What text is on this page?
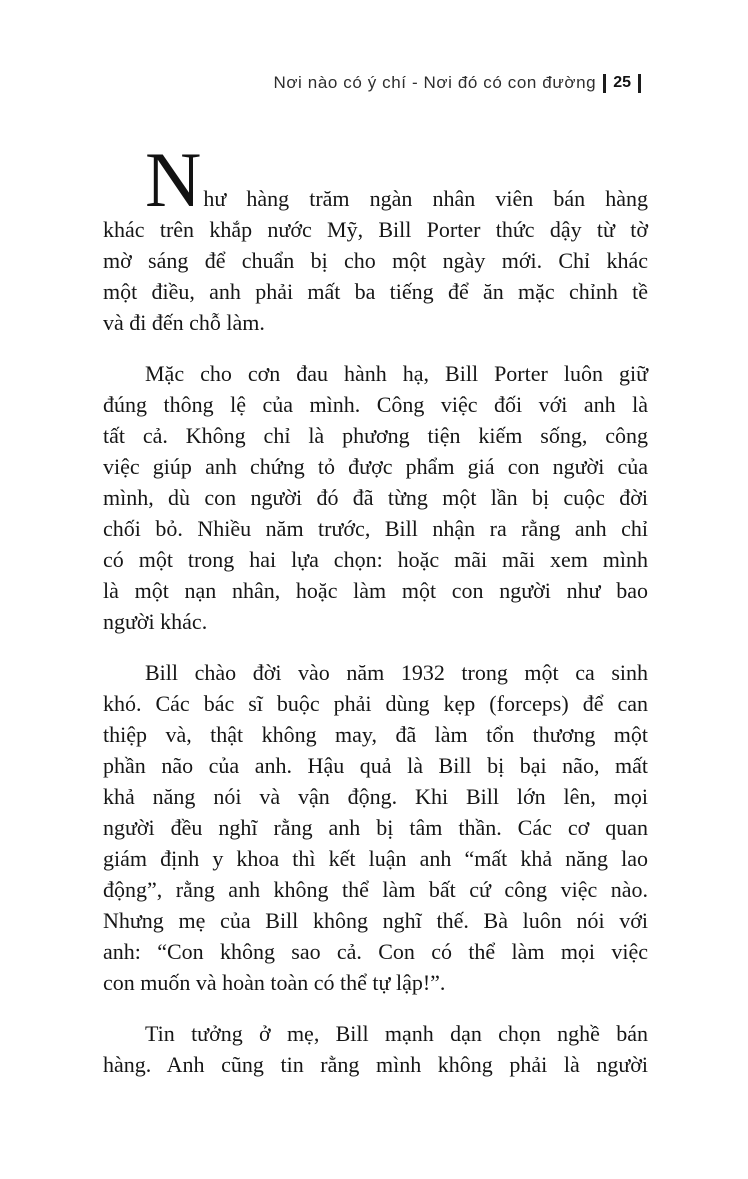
Nơi nào có ý chí - Nơi đó có con đường 25
Như hàng trăm ngàn nhân viên bán hàng
khác trên khắp nước Mỹ, Bill Porter thức dậy từ tờ
mờ sáng để chuẩn bị cho một ngày mới. Chỉ khác
một điều, anh phải mất ba tiếng để ăn mặc chỉnh tề
và đi đến chỗ làm.
Mặc cho cơn đau hành hạ, Bill Porter luôn giữ
đúng thông lệ của mình. Công việc đối với anh là
tất cả. Không chỉ là phương tiện kiếm sống, công
việc giúp anh chứng tỏ được phẩm giá con người của
mình, dù con người đó đã từng một lần bị cuộc đời
chối bỏ. Nhiều năm trước, Bill nhận ra rằng anh chỉ
có một trong hai lựa chọn: hoặc mãi mãi xem mình
là một nạn nhân, hoặc làm một con người như bao
người khác.
Bill chào đời vào năm 1932 trong một ca sinh
khó. Các bác sĩ buộc phải dùng kẹp (forceps) để can
thiệp và, thật không may, đã làm tổn thương một
phần não của anh. Hậu quả là Bill bị bại não, mất
khả năng nói và vận động. Khi Bill lớn lên, mọi
người đều nghĩ rằng anh bị tâm thần. Các cơ quan
giám định y khoa thì kết luận anh “mất khả năng lao
động”, rằng anh không thể làm bất cứ công việc nào.
Nhưng mẹ của Bill không nghĩ thế. Bà luôn nói với
anh: “Con không sao cả. Con có thể làm mọi việc
con muốn và hoàn toàn có thể tự lập!”.
Tin tưởng ở mẹ, Bill mạnh dạn chọn nghề bán
hàng. Anh cũng tin rằng mình không phải là người
